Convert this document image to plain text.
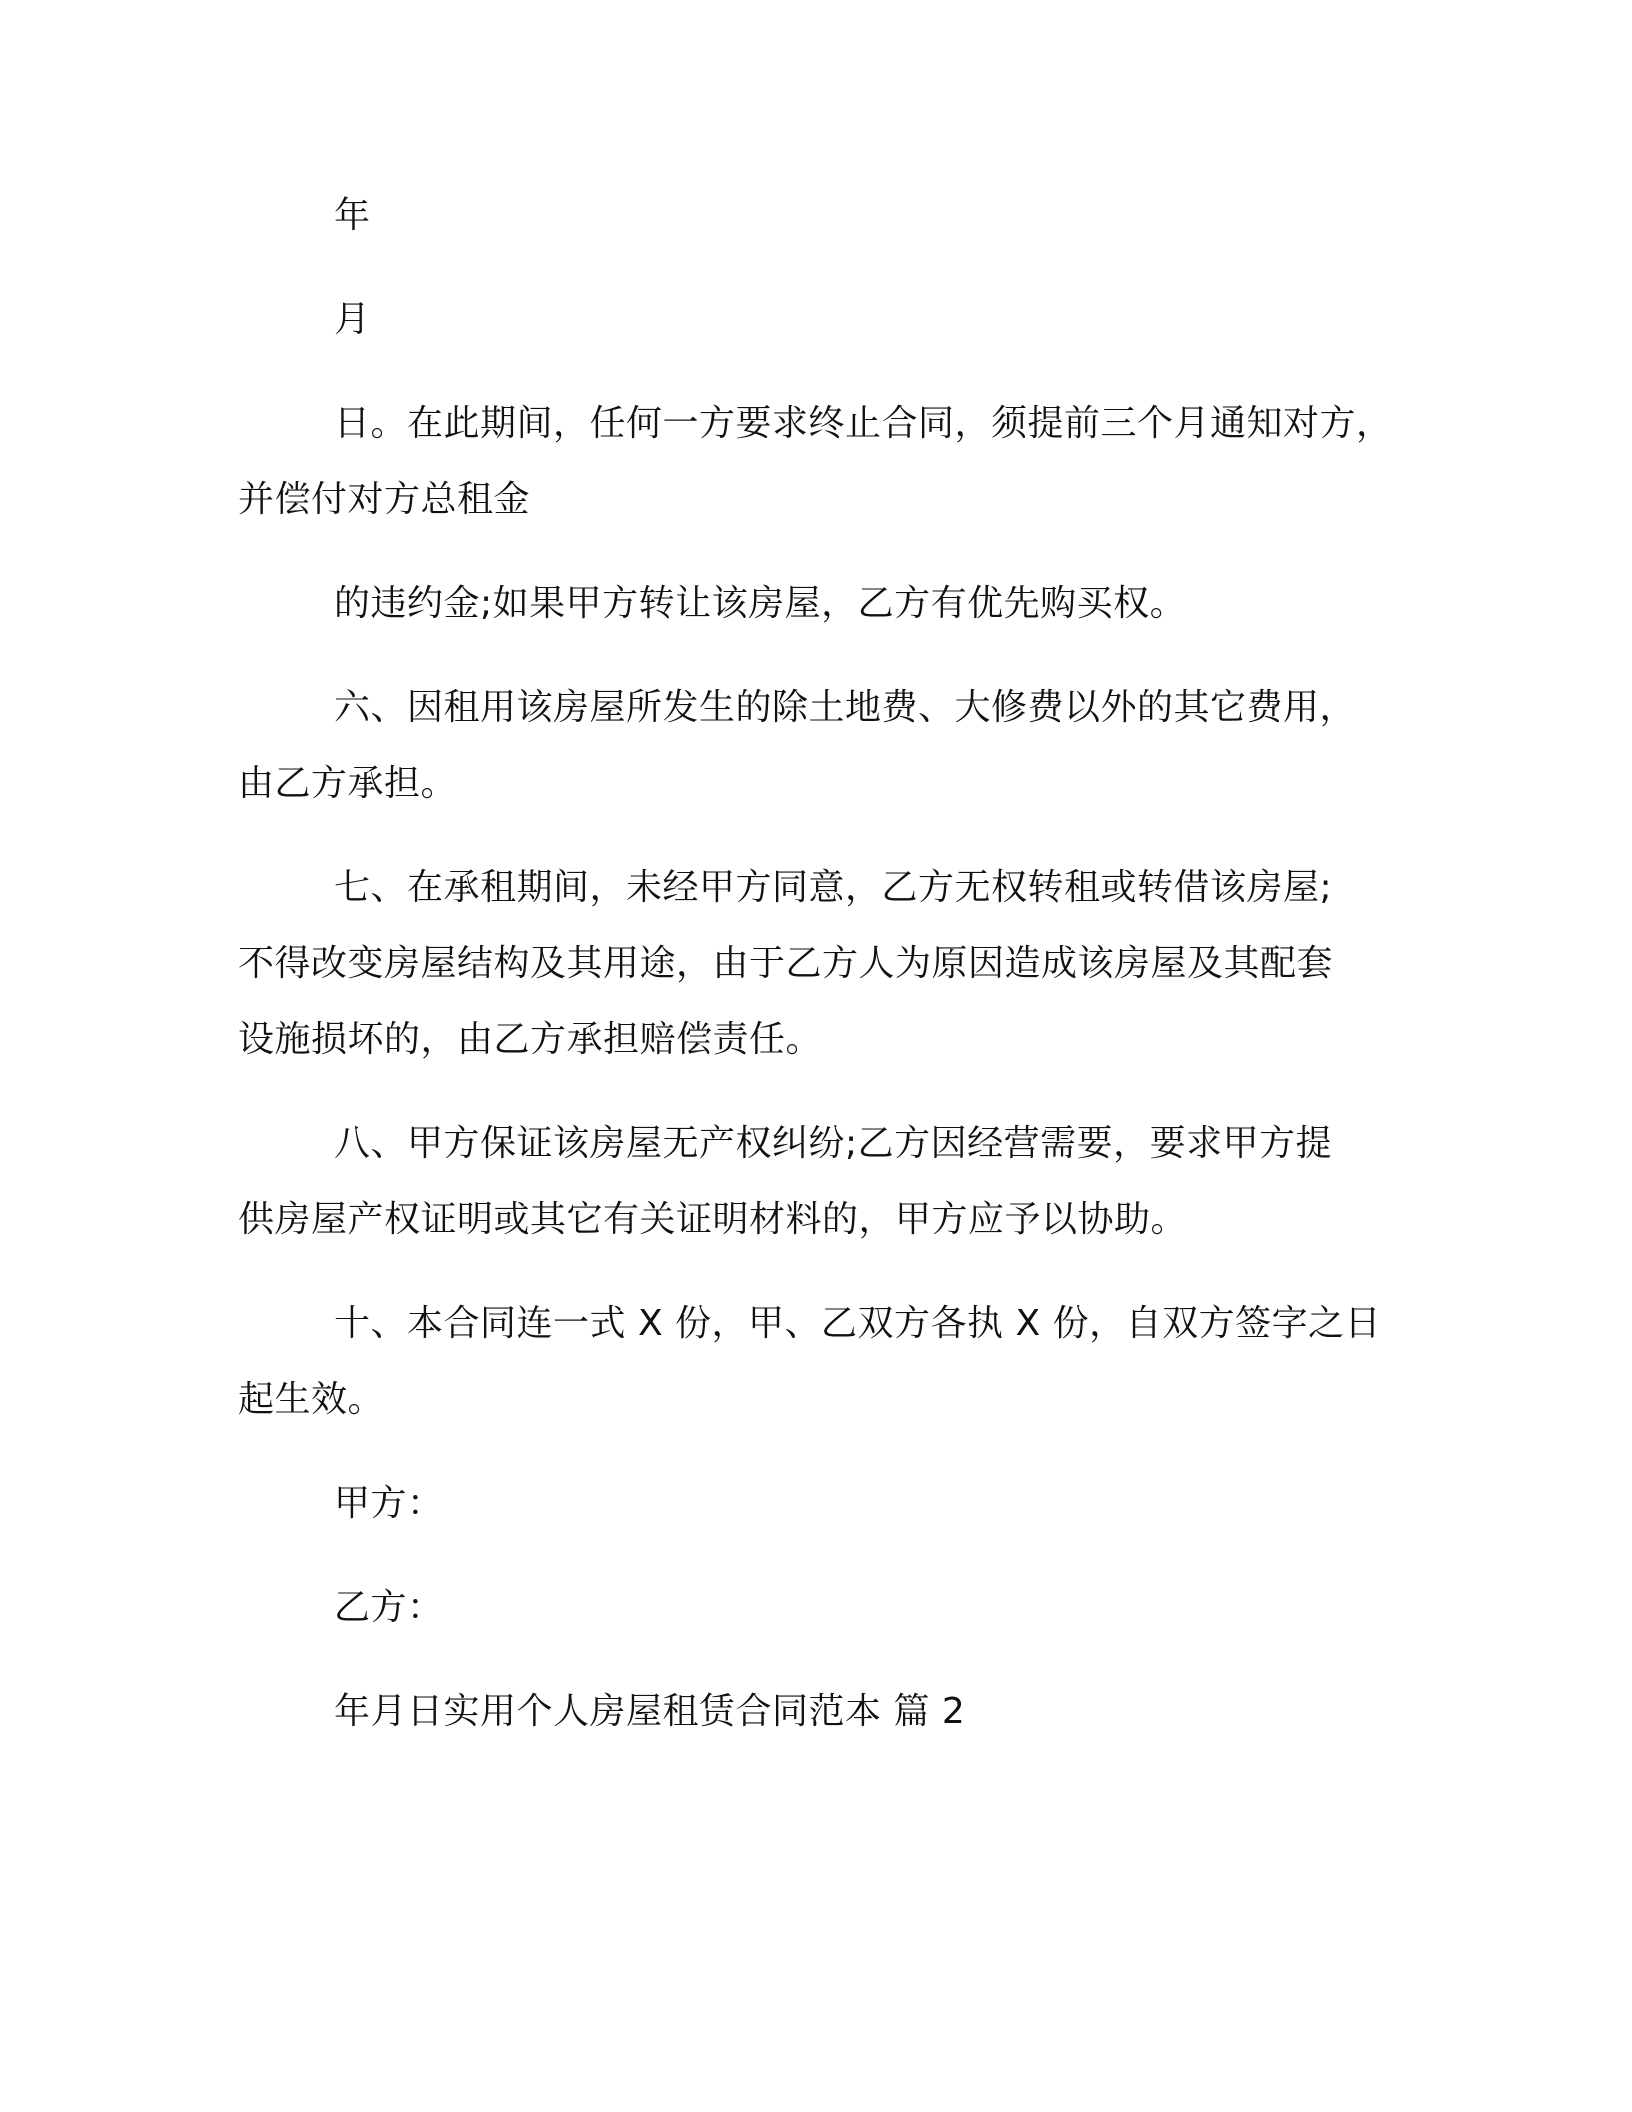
年
月
日。在此期间，任何一方要求终止合同，须提前三个月通知对方，
并偿付对方总租金
的违约金;如果甲方转让该房屋，乙方有优先购买权。
六、因租用该房屋所发生的除土地费、大修费以外的其它费用，
由乙方承担。
七、在承租期间，未经甲方同意，乙方无权转租或转借该房屋;
不得改变房屋结构及其用途，由于乙方人为原因造成该房屋及其配套
设施损坏的，由乙方承担赔偿责任。
八、甲方保证该房屋无产权纠纷;乙方因经营需要，要求甲方提
供房屋产权证明或其它有关证明材料的，甲方应予以协助。
十、本合同连一式 X 份，甲、乙双方各执 X 份，自双方签字之日
起生效。
甲方：
乙方：
年月日实用个人房屋租赁合同范本 篇 2
